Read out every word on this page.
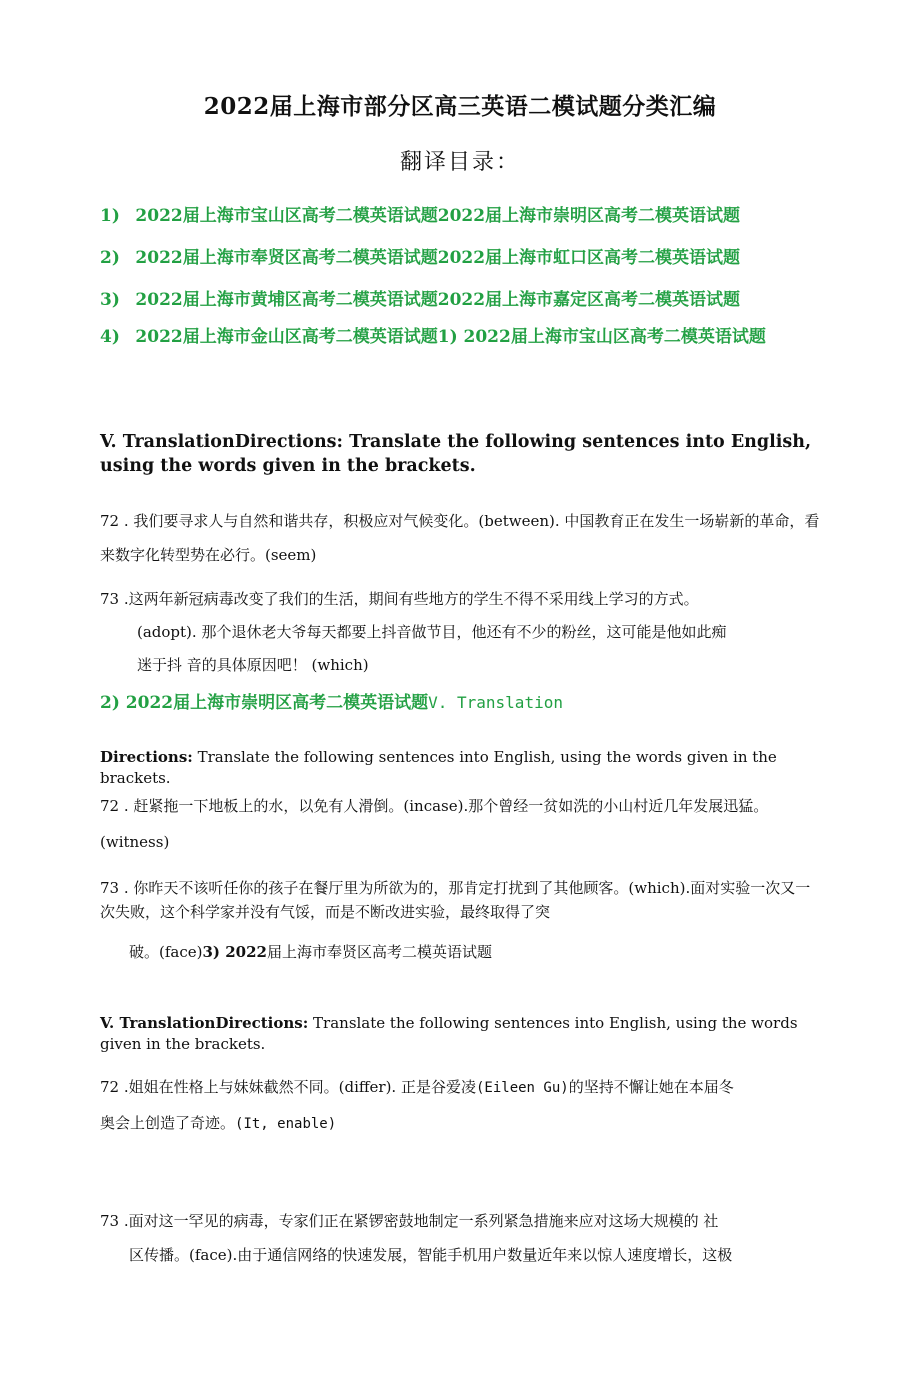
2022届上海市部分区高三英语二模试题分类汇编
翻译目录：
1) 2022届上海市宝山区高考二模英语试题2022届上海市崇明区高考二模英语试题
2) 2022届上海市奉贤区高考二模英语试题2022届上海市虹口区高考二模英语试题
3) 2022届上海市黄埔区高考二模英语试题2022届上海市嘉定区高考二模英语试题
4) 2022届上海市金山区高考二模英语试题1) 2022届上海市宝山区高考二模英语试题
V. TranslationDirections: Translate the following sentences into English, using the words given in the brackets.
72 . 我们要寻求人与自然和谐共存，积极应对气候变化。(between). 中国教育正在发生一场崭新的革命，看来数字化转型势在必行。(seem)
73 .这两年新冠病毒改变了我们的生活，期间有些地方的学生不得不采用线上学习的方式。
(adopt). 那个退休老大爷每天都要上抖音做节目，他还有不少的粉丝，这可能是他如此痴
迷于抖 音的具体原因吧！ (which)
2) 2022届上海市崇明区高考二模英语试题V. Translation
Directions: Translate the following sentences into English, using the words given in the brackets.
72 . 赶紧拖一下地板上的水，以免有人滑倒。(incase).那个曾经一贫如洗的小山村近几年发展迅猛。(witness)
73 . 你昨天不该听任你的孩子在餐厅里为所欲为的，那肯定打扰到了其他顾客。(which).面对实验一次又一次失败，这个科学家并没有气馁，而是不断改进实验，最终取得了突
破。(face)3) 2022届上海市奉贤区高考二模英语试题
V. TranslationDirections: Translate the following sentences into English, using the words given in the brackets.
72 .姐姐在性格上与妹妹截然不同。(differ). 正是谷爱凌(Eileen Gu)的坚持不懈让她在本届冬
奥会上创造了奇迹。(It, enable)
73 .面对这一罕见的病毒，专家们正在紧锣密鼓地制定一系列紧急措施来应对这场大规模的 社
区传播。(face).由于通信网络的快速发展，智能手机用户数量近年来以惊人速度增长，这极
